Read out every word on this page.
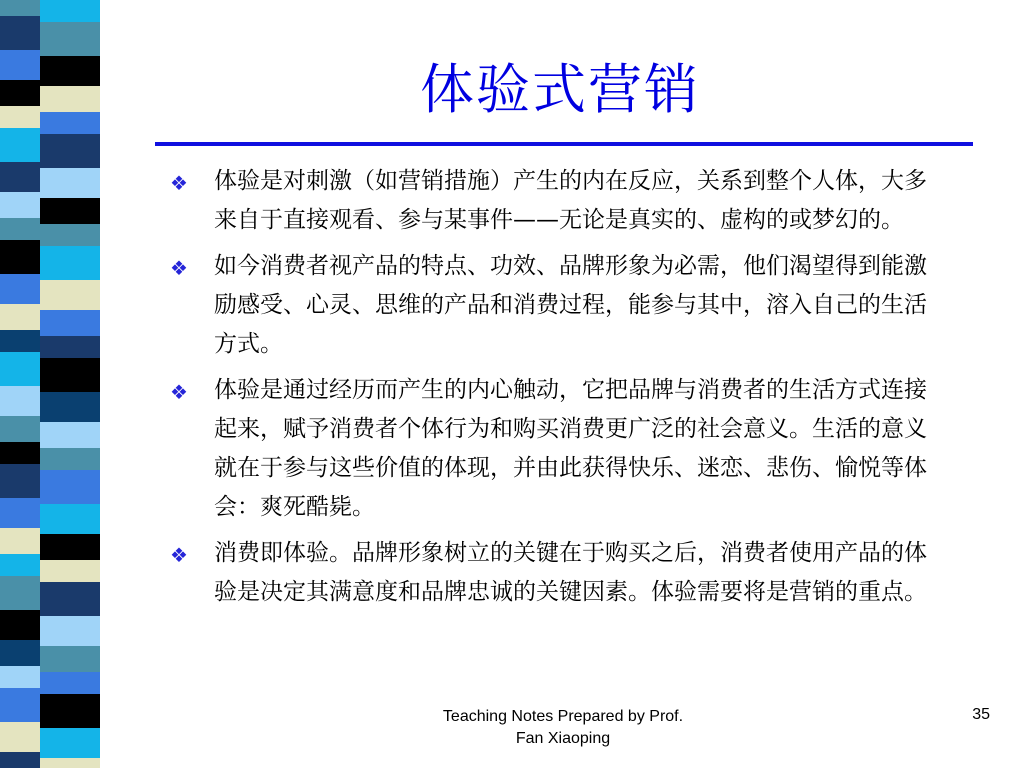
体验式营销
❖ 体验是对刺激（如营销措施）产生的内在反应，关系到整个人体，大多来自于直接观看、参与某事件——无论是真实的、虚构的或梦幻的。
❖ 如今消费者视产品的特点、功效、品牌形象为必需，他们渴望得到能激励感受、心灵、思维的产品和消费过程，能参与其中，溶入自己的生活方式。
❖ 体验是通过经历而产生的内心触动，它把品牌与消费者的生活方式连接起来，赋予消费者个体行为和购买消费更广泛的社会意义。生活的意义就在于参与这些价值的体现，并由此获得快乐、迷恋、悲伤、愉悦等体会：爽死酷毙。
❖ 消费即体验。品牌形象树立的关键在于购买之后，消费者使用产品的体验是决定其满意度和品牌忠诚的关键因素。体验需要将是营销的重点。
Teaching Notes Prepared by Prof.
Fan Xiaoping
35
